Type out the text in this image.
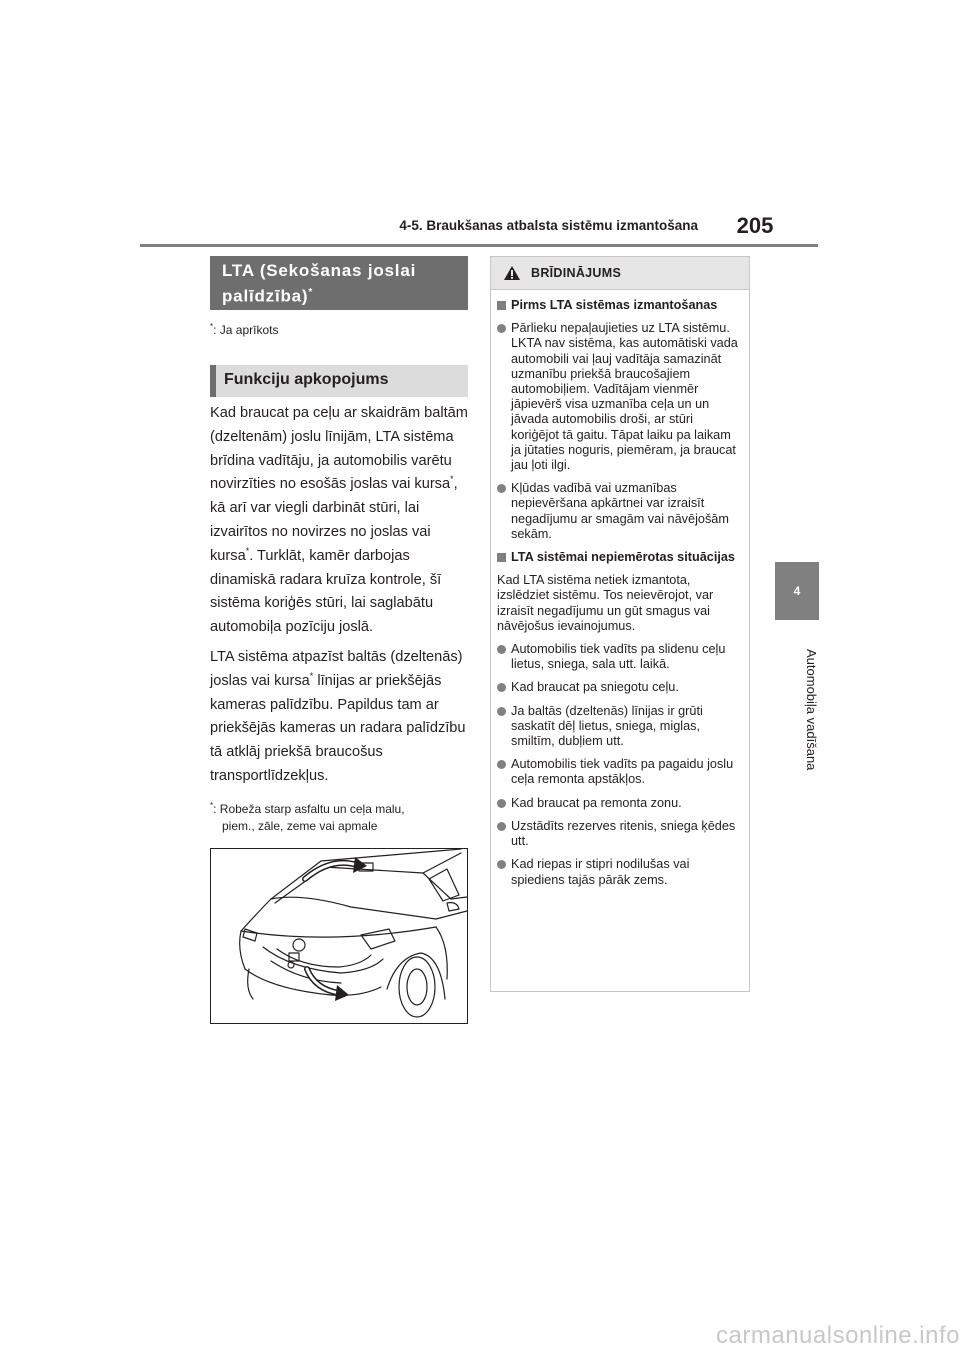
4-5. Braukšanas atbalsta sistēmu izmantošana 205
4
Automobiļa vadīšana
LTA (Sekošanas joslai palīdzība)*
*: Ja aprīkots
Funkciju apkopojums

Kad braucat pa ceļu ar skaidrām baltām (dzeltenām) joslu līnijām, LTA sistēma brīdina vadītāju, ja automobilis varētu novirzīties no esošās joslas vai kursa*, kā arī var viegli darbināt stūri, lai izvairītos no novirzes no joslas vai kursa*. Turklāt, kamēr darbojas dinamiskā radara kruīza kontrole, šī sistēma koriģēs stūri, lai saglabātu automobiļa pozīciju joslā.

LTA sistēma atpazīst baltās (dzeltenās) joslas vai kursa* līnijas ar priekšējās kameras palīdzību. Papildus tam ar priekšējās kameras un radara palīdzību tā atklāj priekšā braucošus transportlīdzekļus.

*: Robeža starp asfaltu un ceļa malu,
piem., zāle, zeme vai apmale
BRĪDINĀJUMS
Pirms LTA sistēmas izmantošanas
Pārlieku nepaļaujieties uz LTA sistēmu. LKTA nav sistēma, kas automātiski vada automobili vai ļauj vadītāja samazināt uzmanību priekšā braucošajiem automobiļiem. Vadītājam vienmēr jāpievērš visa uzmanība ceļa un un jāvada automobilis droši, ar stūri koriģējot tā gaitu. Tāpat laiku pa laikam ja jūtaties noguris, piemēram, ja braucat jau ļoti ilgi.
Kļūdas vadībā vai uzmanības nepievēršana apkārtnei var izraisīt negadījumu ar smagām vai nāvējošām sekām.
LTA sistēmai nepiemērotas situācijas
Kad LTA sistēma netiek izmantota, izslēdziet sistēmu. Tos neievērojot, var izraisīt negadījumu un gūt smagus vai nāvējošus ievainojumus.
Automobilis tiek vadīts pa slidenu ceļu lietus, sniega, sala utt. laikā.
Kad braucat pa sniegotu ceļu.
Ja baltās (dzeltenās) līnijas ir grūti saskatīt dēļ lietus, sniega, miglas, smiltīm, dubļiem utt.
Automobilis tiek vadīts pa pagaidu joslu ceļa remonta apstākļos.
Kad braucat pa remonta zonu.
Uzstādīts rezerves ritenis, sniega ķēdes utt.
Kad riepas ir stipri nodilušas vai spiediens tajās pārāk zems.
carmanualsonline.info
